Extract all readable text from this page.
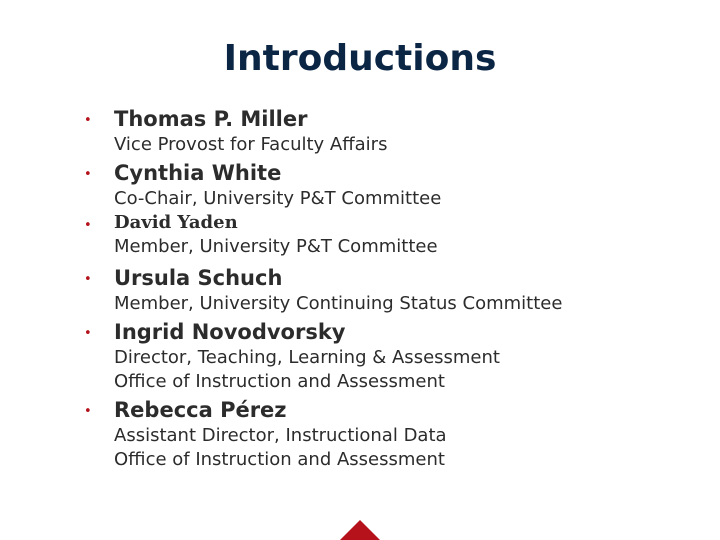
Introductions
• Thomas P. Miller
Vice Provost for Faculty Affairs
• Cynthia White
Co-Chair, University P&T Committee
• David Yaden
Member, University P&T Committee
• Ursula Schuch
Member, University Continuing Status Committee
• Ingrid Novodvorsky
Director, Teaching, Learning & Assessment
Office of Instruction and Assessment
• Rebecca Pérez
Assistant Director, Instructional Data
Office of Instruction and Assessment
